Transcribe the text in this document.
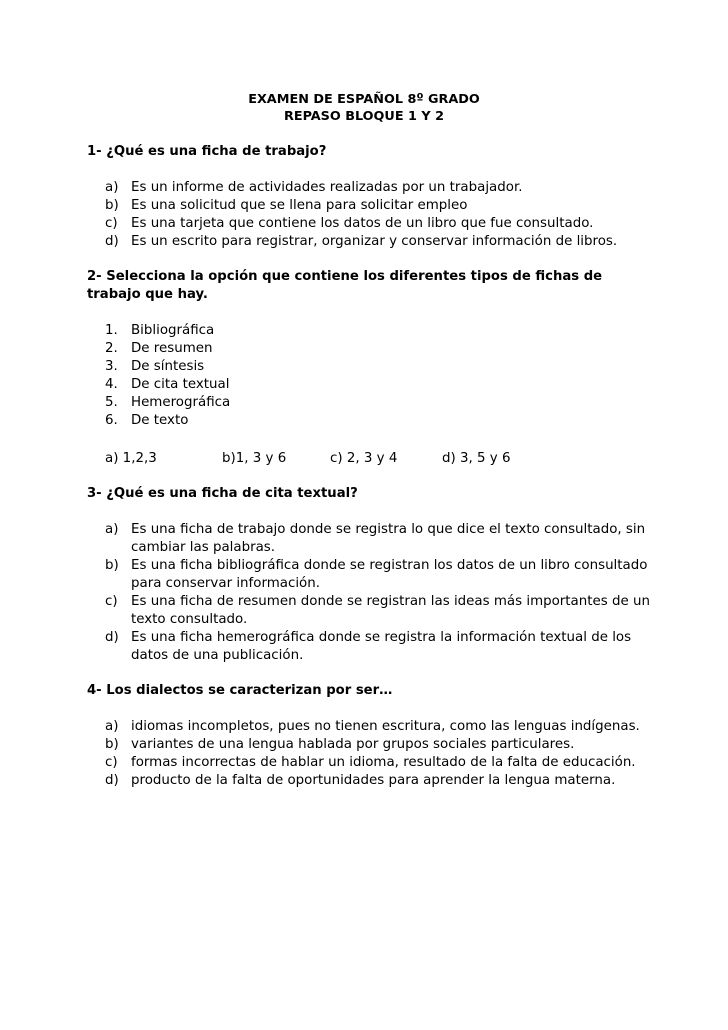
EXAMEN DE ESPAÑOL 8º GRADO
REPASO BLOQUE 1 Y 2
1- ¿Qué es una ficha de trabajo?
a) Es un informe de actividades realizadas por un trabajador.
b) Es una solicitud que se llena para solicitar empleo
c)	Es una tarjeta que contiene los datos de un libro que fue consultado.
d) Es un escrito para registrar, organizar y conservar información de libros.
2- Selecciona la opción que contiene los diferentes tipos de fichas de trabajo que hay.
1. Bibliográfica
2. De resumen
3. De síntesis
4. De cita textual
5. Hemerográfica
6. De texto
a) 1,2,3	b)1, 3 y 6	c) 2, 3 y 4	d) 3, 5 y 6
3- ¿Qué es una ficha de cita textual?
a) Es una ficha de trabajo donde se registra lo que dice el texto consultado, sin cambiar las palabras.
b) Es una ficha bibliográfica donde se registran los datos de un libro consultado para conservar información.
c)	Es una ficha de resumen donde se registran las ideas más importantes de un texto consultado.
d) Es una ficha hemerográfica donde se registra la información textual de los datos de una publicación.
4- Los dialectos se caracterizan por ser…
a) idiomas incompletos, pues no tienen escritura, como las lenguas indígenas.
b) variantes de una lengua hablada por grupos sociales particulares.
c)	formas incorrectas de hablar un idioma, resultado de la falta de educación.
d) producto de la falta de oportunidades para aprender la lengua materna.
